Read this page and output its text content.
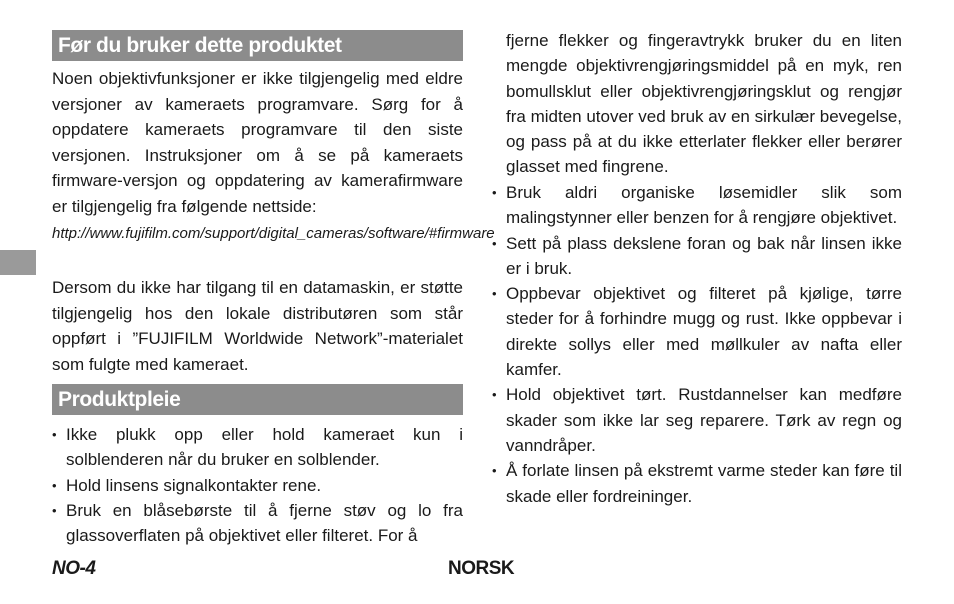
Før du bruker dette produktet

Noen objektivfunksjoner er ikke tilgjengelig med eldre versjoner av kameraets programvare. Sørg for å oppdatere kameraets programvare til den siste versjonen. Instruksjoner om å se på kameraets firmware-versjon og oppdatering av kamerafirmware er tilgjengelig fra følgende nettside:

http://www.fujifilm.com/support/digital_cameras/software/#firmware

Dersom du ikke har tilgang til en datamaskin, er støtte tilgjengelig hos den lokale distributøren som står oppført i ”FUJIFILM Worldwide Network”-materialet som fulgte med kameraet.

Produktpleie
• Ikke plukk opp eller hold kameraet kun i solblenderen når du bruker en solblender.
• Hold linsens signalkontakter rene.
• Bruk en blåsebørste til å fjerne støv og lo fra glassoverflaten på objektivet eller filteret. For å

fjerne flekker og fingeravtrykk bruker du en liten mengde objektivrengjøringsmiddel på en myk, ren bomullsklut eller objektivrengjøringsklut og rengjør fra midten utover ved bruk av en sirkulær bevegelse, og pass på at du ikke etterlater flekker eller berører glasset med fingrene.

• Bruk aldri organiske løsemidler slik som malingstynner eller benzen for å rengjøre objektivet.
• Sett på plass dekslene foran og bak når linsen ikke er i bruk.
• Oppbevar objektivet og filteret på kjølige, tørre steder for å forhindre mugg og rust. Ikke oppbevar i direkte sollys eller med møllkuler av nafta eller kamfer.
• Hold objektivet tørt. Rustdannelser kan medføre skader som ikke lar seg reparere. Tørk av regn og vanndråper.
• Å forlate linsen på ekstremt varme steder kan føre til skade eller fordreininger.
NO-4	NORSK
